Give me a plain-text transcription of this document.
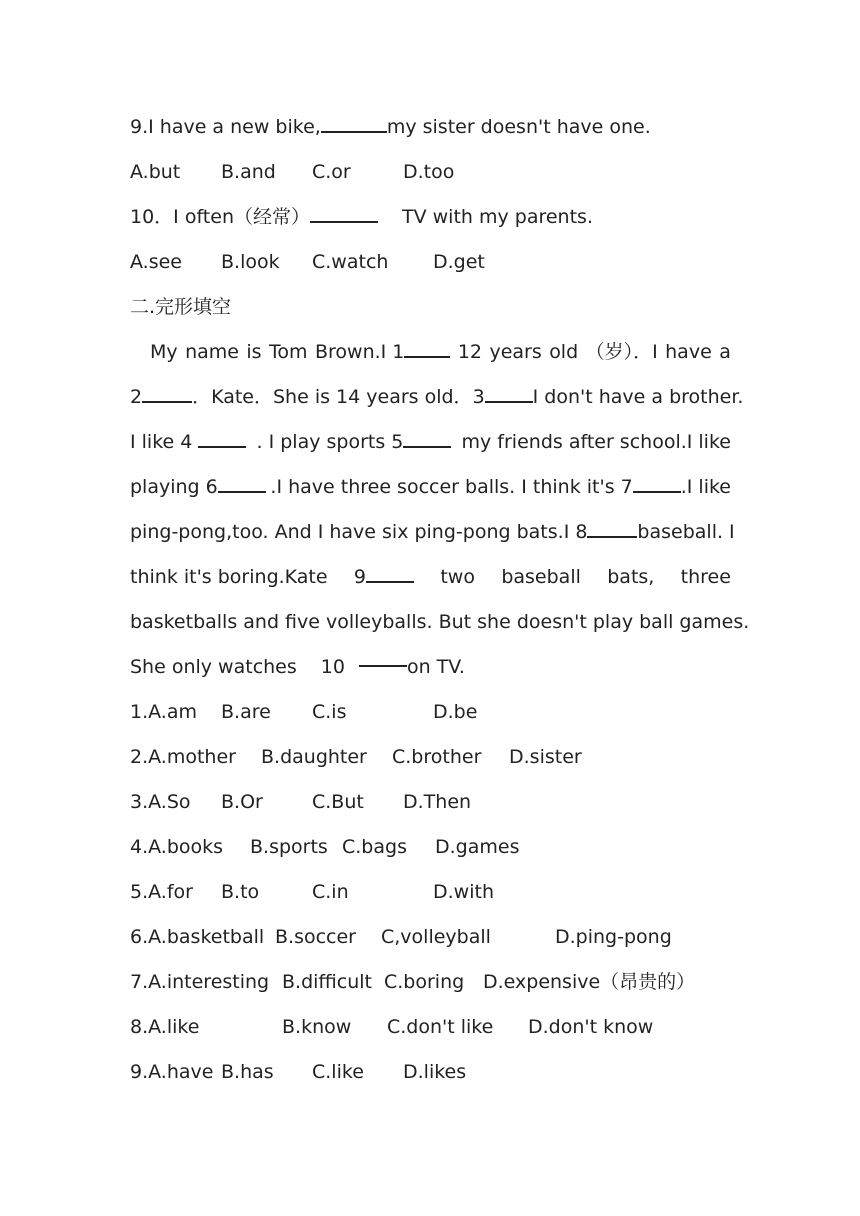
9.I have a new bike,	my sister doesn't have one.
A.but B.and C.or	D.too
10．I often（经常）	TV with my parents.
A.see B.look C.watch D.get
二.完形填空
My name is Tom Brown.I 1	12 years old （岁）．I have a
2	．Kate．She is 14 years old． 3	I don't have a brother.
I like 4	. I play sports 5	my friends after school.I like
playing 6	.I have three soccer balls. I think it's 7	.I like
ping-pong,too. And I have six ping-pong bats.I 8	baseball. I
think it's boring.Kate 9	two baseball bats, three
basketballs and five volleyballs. But she doesn't play ball games.
She only watches 10	on TV.
1.A.am B.are C.is	D.be
2.A.mother B.daughter C.brother D.sister
3.A.So B.Or	C.But D.Then
4.A.books B.sports C.bags D.games
5.A.for B.to	C.in	D.with
6.A.basketball B.soccer C,volleyball	D.ping-pong
7.A.interesting B.difficult C.boring D.expensive（昂贵的）
8.A.like	B.know C.don't like D.don't know
9.A.have B.has C.like D.likes
